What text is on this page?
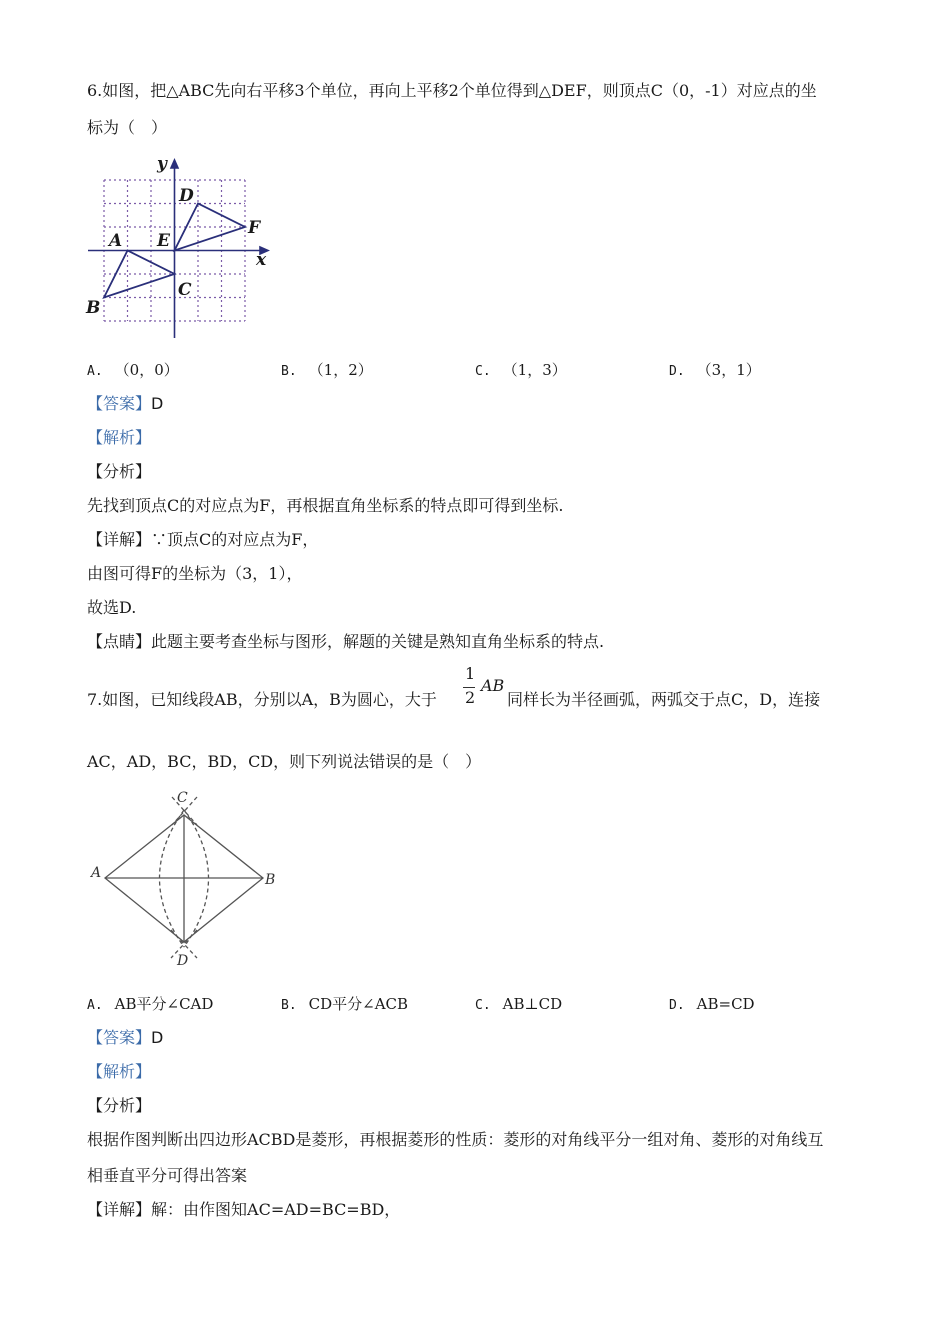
6.如图，把△ABC先向右平移3个单位，再向上平移2个单位得到△DEF，则顶点C（0，-1）对应点的坐
标为（　）
y
x
D
F
A E
C
B
A. （0，0）	B. （1，2）	C. （1，3）	D. （3，1）
【答案】D
【解析】
【分析】
先找到顶点C的对应点为F，再根据直角坐标系的特点即可得到坐标.
【详解】∵顶点C的对应点为F，
由图可得F的坐标为（3，1），
故选D.
【点睛】此题主要考查坐标与图形，解题的关键是熟知直角坐标系的特点.
7.如图，已知线段AB，分别以A，B为圆心，大于
1
2
AB
同样长为半径画弧，两弧交于点C，D，连接
AC，AD，BC，BD，CD，则下列说法错误的是（　）
C
A	B
D
A. AB平分∠CAD	B. CD平分∠ACB	C. AB⊥CD	D. AB=CD
【答案】D
【解析】
【分析】
根据作图判断出四边形ACBD是菱形，再根据菱形的性质：菱形的对角线平分一组对角、菱形的对角线互
相垂直平分可得出答案
【详解】解：由作图知AC=AD=BC=BD，
